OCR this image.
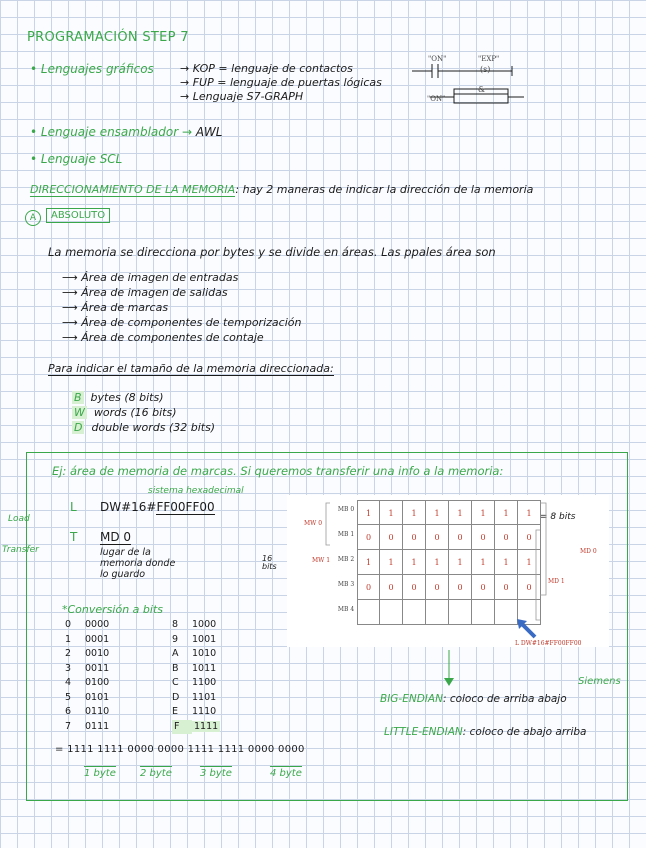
PROGRAMACIÓN STEP 7
• Lenguajes gráficos → KOP = lenguaje de contactos
→ FUP = lenguaje de puertas lógicas
→ Lenguaje S7-GRAPH
"ON"	"EXP"
(s)
&
"ON"
• Lenguaje ensamblador → AWL
• Lenguaje SCL
DIRECCIONAMIENTO DE LA MEMORIA: hay 2 maneras de indicar la dirección de la memoria
A	ABSOLUTO
La memoria se direcciona por bytes y se divide en áreas. Las ppales área son
⟶ Área de imagen de entradas
⟶ Área de imagen de salidas
⟶ Área de marcas
⟶ Área de componentes de temporización
⟶ Área de componentes de contaje
Para indicar el tamaño de la memoria direccionada:
B bytes (8 bits)
W words (16 bits)
D double words (32 bits)
Ej: área de memoria de marcas. Si queremos transferir una info a la memoria:
sistema hexadecimal
Load
L DW#16#FF00FF00
Transfer
T MD 0
lugar de la
memoria donde
lo guardo
*Conversión a bits
0 0000
1 0001
2 0010
3 0011
4 0100
5 0101
6 0110
7 0111
8 1000
9 1001
A 1010
B 1011
C 1100
D 1101
E 1110
F 1111
= 1111 1111 0000 0000 1111 1111 0000 0000
1 byte 2 byte	3 byte	4 byte
MW 0
MW 1
MD 0
MD 1
16 bits
= 8 bits
MB 0	1	1	1	1	1	1	1	1
MB 1	0	0	0	0	0	0	0	0
MB 2	1	1	1	1	1	1	1	1
MB 3	0	0	0	0	0	0	0	0
MB 4
L DW#16#FF00FF00
Siemens
BIG-ENDIAN: coloco de arriba abajo
LITTLE-ENDIAN: coloco de abajo arriba
